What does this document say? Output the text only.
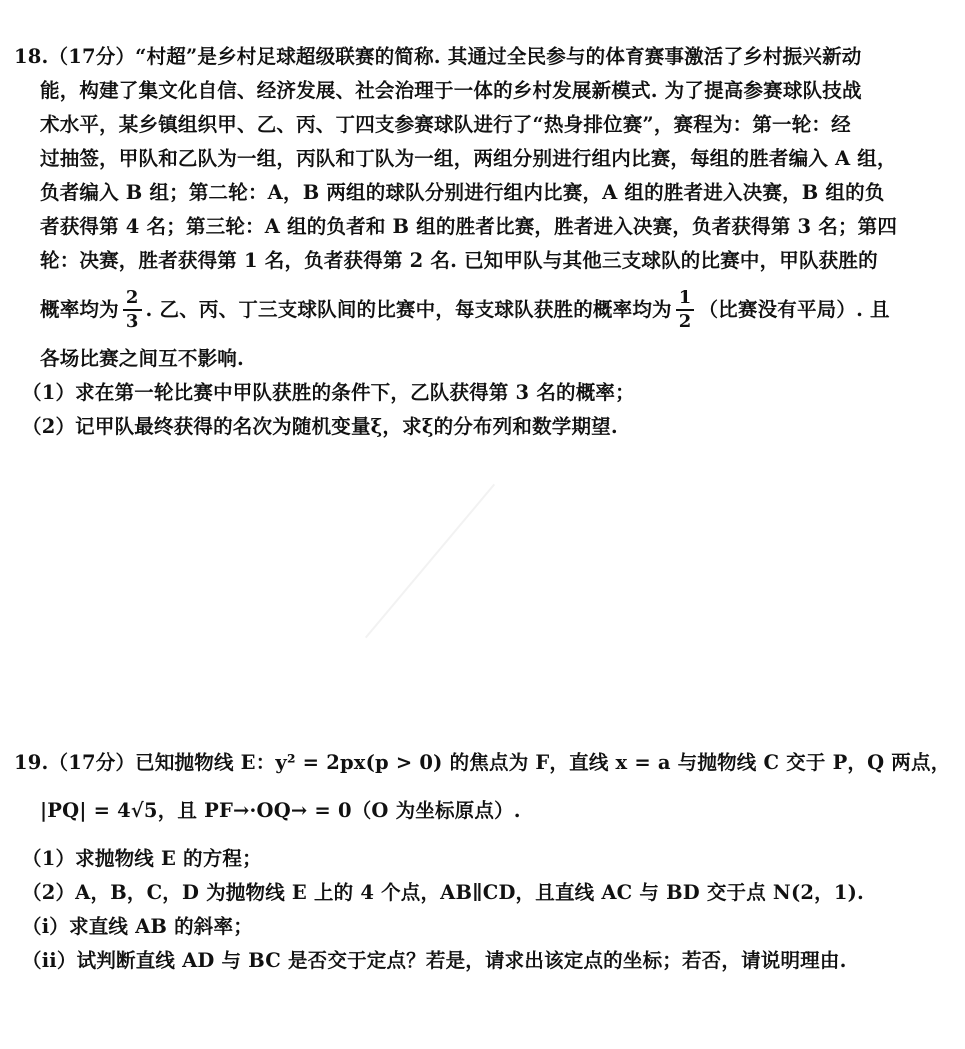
18.（17分）“村超”是乡村足球超级联赛的简称. 其通过全民参与的体育赛事激活了乡村振兴新动
能，构建了集文化自信、经济发展、社会治理于一体的乡村发展新模式. 为了提高参赛球队技战
术水平，某乡镇组织甲、乙、丙、丁四支参赛球队进行了“热身排位赛”，赛程为：第一轮：经
过抽签，甲队和乙队为一组，丙队和丁队为一组，两组分别进行组内比赛，每组的胜者编入 A 组，
负者编入 B 组；第二轮：A，B 两组的球队分别进行组内比赛，A 组的胜者进入决赛，B 组的负
者获得第 4 名；第三轮：A 组的负者和 B 组的胜者比赛，胜者进入决赛，负者获得第 3 名；第四
轮：决赛，胜者获得第 1 名，负者获得第 2 名. 已知甲队与其他三支球队的比赛中，甲队获胜的
概率均为 $\frac{2}{3}$ . 乙、丙、丁三支球队间的比赛中，每支球队获胜的概率均为 $\frac{1}{2}$ （比赛没有平局）. 且
各场比赛之间互不影响.
（1）求在第一轮比赛中甲队获胜的条件下，乙队获得第 3 名的概率；
（2）记甲队最终获得的名次为随机变量ξ，求ξ的分布列和数学期望.
19.（17分）已知抛物线 E：y² = 2px(p > 0) 的焦点为 F，直线 x = a 与抛物线 C 交于 P，Q 两点，
|PQ| = 4√5，且 PF→·OQ→ = 0（O 为坐标原点）.
（1）求抛物线 E 的方程；
（2）A，B，C，D 为抛物线 E 上的 4 个点，AB∥CD，且直线 AC 与 BD 交于点 N(2，1).
（i）求直线 AB 的斜率；
（ii）试判断直线 AD 与 BC 是否交于定点？若是，请求出该定点的坐标；若否，请说明理由.
